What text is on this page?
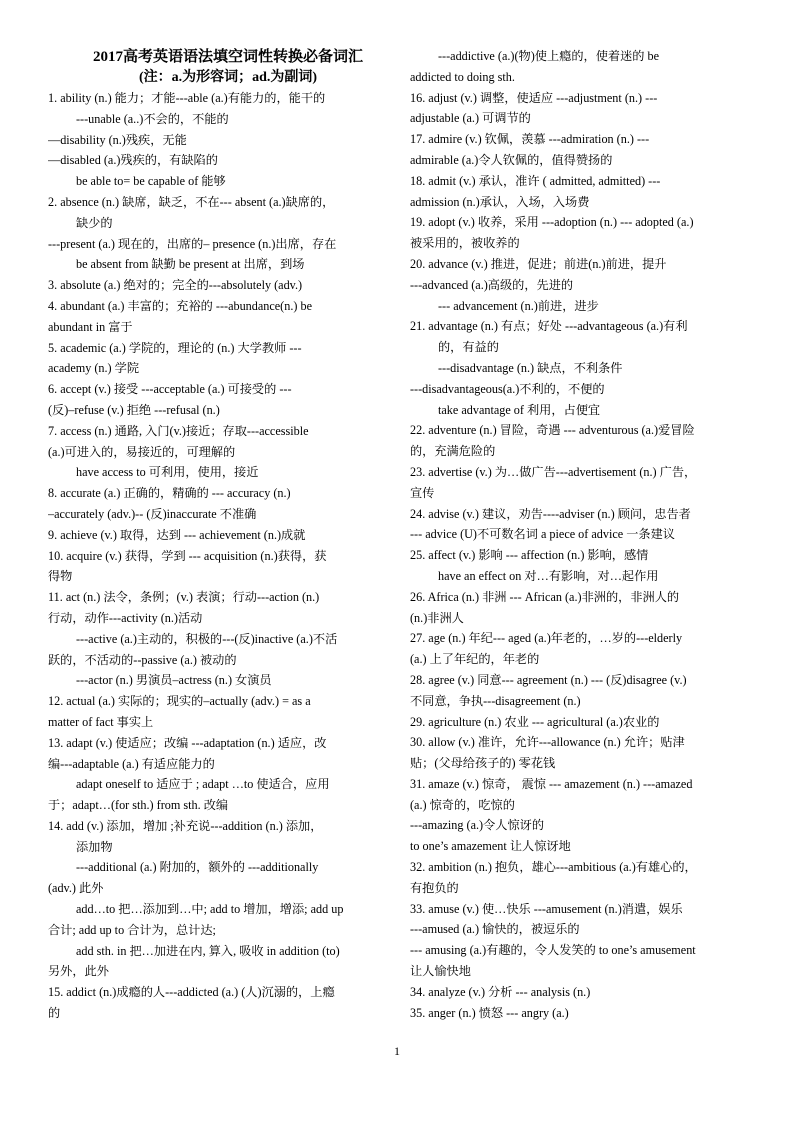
2017高考英语语法填空词性转换必备词汇
(注：a.为形容词；ad.为副词)
1. ability (n.) 能力；才能---able (a.)有能力的，能干的
---unable (a..)不会的，不能的
—disability (n.)残疾，无能
—disabled (a.)残疾的，有缺陷的
be able to= be capable of 能够
2. absence (n.) 缺席，缺乏，不在--- absent (a.)缺席的，
缺少的
---present (a.) 现在的，出席的– presence (n.)出席，存在
be absent from 缺勤 be present at 出席，到场
3. absolute (a.) 绝对的；完全的---absolutely (adv.)
4. abundant (a.) 丰富的；充裕的 ---abundance(n.) be
abundant in 富于
5. academic (a.) 学院的，理论的 (n.) 大学教师 ---
academy (n.) 学院
6. accept (v.) 接受 ---acceptable (a.) 可接受的 ---
(反)–refuse (v.) 拒绝 ---refusal (n.)
7. access (n.) 通路, 入门(v.)接近；存取---accessible
(a.)可进入的，易接近的，可理解的
have access to 可利用，使用，接近
8. accurate (a.) 正确的，精确的 --- accuracy (n.)
–accurately (adv.)-- (反)inaccurate 不准确
9. achieve (v.) 取得，达到 --- achievement (n.)成就
10. acquire (v.) 获得，学到 --- acquisition (n.)获得，获
得物
11. act (n.) 法令，条例；(v.) 表演；行动---action (n.)
行动，动作---activity (n.)活动
---active (a.)主动的，积极的---(反)inactive (a.)不活
跃的，不活动的--passive (a.) 被动的
---actor (n.) 男演员–actress (n.) 女演员
12. actual (a.) 实际的；现实的–actually (adv.) = as a
matter of fact 事实上
13. adapt (v.) 使适应；改编 ---adaptation (n.) 适应，改
编---adaptable (a.) 有适应能力的
adapt oneself to 适应于 ; adapt …to 使适合，应用
于；adapt…(for sth.) from sth. 改编
14. add (v.) 添加，增加 ;补充说---addition (n.) 添加，
添加物
---additional (a.) 附加的，额外的 ---additionally
(adv.) 此外
add…to 把…添加到…中; add to 增加，增添; add up
合计; add up to 合计为，总计达;
add sth. in 把…加进在内, 算入, 吸收 in addition (to)
另外，此外
15. addict (n.)成瘾的人---addicted (a.) (人)沉溺的，上瘾
的
---addictive (a.)(物)使上瘾的，使着迷的 be
addicted to doing sth.
16. adjust (v.) 调整，使适应 ---adjustment (n.) ---
adjustable (a.) 可调节的
17. admire (v.) 钦佩，羡慕 ---admiration (n.) ---
admirable (a.)令人钦佩的，值得赞扬的
18. admit (v.) 承认，准许 ( admitted, admitted) ---
admission (n.)承认，入场，入场费
19. adopt (v.) 收养，采用 ---adoption (n.) --- adopted (a.)
被采用的，被收养的
20. advance (v.) 推进，促进；前进(n.)前进，提升
---advanced (a.)高级的，先进的
--- advancement (n.)前进，进步
21. advantage (n.) 有点；好处 ---advantageous (a.)有利
的，有益的
---disadvantage (n.) 缺点，不利条件
---disadvantageous(a.)不利的，不便的
take advantage of 利用，占便宜
22. adventure (n.) 冒险，奇遇 --- adventurous (a.)爱冒险
的，充满危险的
23. advertise (v.) 为…做广告---advertisement (n.) 广告，
宣传
24. advise (v.) 建议，劝告----adviser (n.) 顾问，忠告者
--- advice (U)不可数名词 a piece of advice 一条建议
25. affect (v.) 影响 --- affection (n.) 影响，感情
have an effect on 对…有影响，对…起作用
26. Africa (n.) 非洲 --- African (a.)非洲的，非洲人的
(n.)非洲人
27. age (n.) 年纪--- aged (a.)年老的，…岁的---elderly
(a.) 上了年纪的，年老的
28. agree (v.) 同意--- agreement (n.) --- (反)disagree (v.)
不同意，争执---disagreement (n.)
29. agriculture (n.) 农业 --- agricultural (a.)农业的
30. allow (v.) 准许，允许---allowance (n.) 允许；贴津
贴；(父母给孩子的) 零花钱
31. amaze (v.) 惊奇， 震惊 --- amazement (n.) ---amazed
(a.) 惊奇的，吃惊的
---amazing (a.)令人惊讶的
to one’s amazement 让人惊讶地
32. ambition (n.) 抱负，雄心---ambitious (a.)有雄心的，
有抱负的
33. amuse (v.) 使…快乐 ---amusement (n.)消遣，娱乐
---amused (a.) 愉快的，被逗乐的
--- amusing (a.)有趣的，令人发笑的 to one’s amusement
让人愉快地
34. analyze (v.) 分析 --- analysis (n.)
35. anger (n.) 愤怒 --- angry (a.)
1
